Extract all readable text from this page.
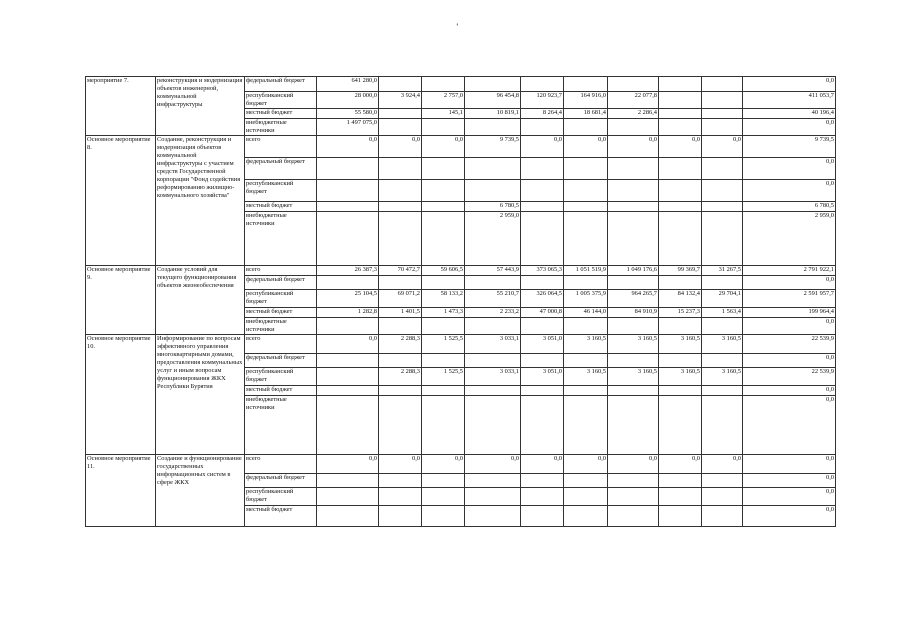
ʽ
мероприятие 7.	реконструкция и модернизация объектов инженерной, коммунальной инфраструктуры	федеральный бюджет	641 280,0									0,0
		республиканский бюджет	28 000,0	3 924,4	2 757,0	96 454,8	120 923,7	164 916,0	22 077,8			411 053,7
		местный бюджет	55 580,0		145,1	10 819,1	8 264,4	18 681,4	2 286,4			40 196,4
		внебюджетные источники	1 497 075,0									0,0
Основное мероприятие 8.	Создание, реконструкция и модернизация объектов коммунальной инфраструктуры с участием средств Государственной корпорации "Фонд содействия реформированию жилищно-коммунального хозяйства"	всего	0,0	0,0	0,0	9 739,5	0,0	0,0	0,0	0,0	0,0	9 739,5
		федеральный бюджет										0,0
		республиканский бюджет										0,0
		местный бюджет				6 780,5						6 780,5
		внебюджетные источники				2 959,0						2 959,0
Основное мероприятие 9.	Создание условий для текущего функционирования объектов жизнеобеспечения	всего	26 387,3	70 472,7	59 606,5	57 443,9	373 065,3	1 051 519,9	1 049 176,6	99 369,7	31 267,5	2 791 922,1
		федеральный бюджет										0,0
		республиканский бюджет	25 104,5	69 071,2	58 133,2	55 210,7	326 064,5	1 005 375,9	964 265,7	84 132,4	29 704,1	2 591 957,7
		местный бюджет	1 282,8	1 401,5	1 473,3	2 233,2	47 000,8	46 144,0	84 910,9	15 237,3	1 563,4	199 964,4
		внебюджетные источники										0,0
Основное мероприятие 10.	Информирование по вопросам эффективного управления многоквартирными домами, предоставления коммунальных услуг и иным вопросам функционирования ЖКХ Республики Бурятия	всего	0,0	2 288,3	1 525,5	3 033,1	3 051,0	3 160,5	3 160,5	3 160,5	3 160,5	22 539,9
		федеральный бюджет										0,0
		республиканский бюджет		2 288,3	1 525,5	3 033,1	3 051,0	3 160,5	3 160,5	3 160,5	3 160,5	22 539,9
		местный бюджет										0,0
		внебюджетные источники										0,0
Основное мероприятие 11.	Создание и функционирование государственных информационных систем в сфере ЖКХ	всего	0,0	0,0	0,0	0,0	0,0	0,0	0,0	0,0	0,0	0,0
		федеральный бюджет										0,0
		республиканский бюджет										0,0
		местный бюджет										0,0
